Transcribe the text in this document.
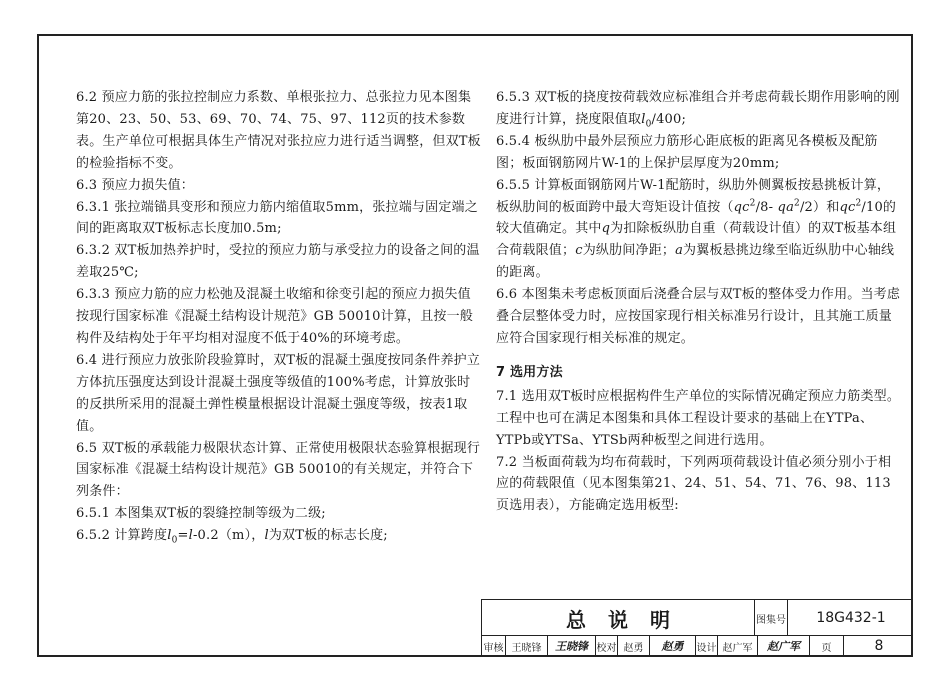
6.2 预应力筋的张拉控制应力系数、单根张拉力、总张拉力见本图集第20、23、50、53、69、70、74、75、97、112页的技术参数表。生产单位可根据具体生产情况对张拉应力进行适当调整，但双T板的检验指标不变。

6.3 预应力损失值：

6.3.1 张拉端锚具变形和预应力筋内缩值取5mm，张拉端与固定端之间的距离取双T板标志长度加0.5m;

6.3.2 双T板加热养护时，受拉的预应力筋与承受拉力的设备之间的温差取25℃;

6.3.3 预应力筋的应力松弛及混凝土收缩和徐变引起的预应力损失值按现行国家标准《混凝土结构设计规范》GB 50010计算，且按一般构件及结构处于年平均相对湿度不低于40%的环境考虑。

6.4 进行预应力放张阶段验算时，双T板的混凝土强度按同条件养护立方体抗压强度达到设计混凝土强度等级值的100%考虑，计算放张时的反拱所采用的混凝土弹性模量根据设计混凝土强度等级，按表1取值。

6.5 双T板的承载能力极限状态计算、正常使用极限状态验算根据现行国家标准《混凝土结构设计规范》GB 50010的有关规定，并符合下列条件：

6.5.1 本图集双T板的裂缝控制等级为二级;

6.5.2 计算跨度$l_0=l-0.2(m)$，l为双T板的标志长度;

6.5.3 双T板的挠度按荷载效应标准组合并考虑荷载长期作用影响的刚度进行计算，挠度限值取$l_0/400$;

6.5.4 板纵肋中最外层预应力筋形心距底板的距离见各模板及配筋图；板面钢筋网片W-1的上保护层厚度为20mm;

6.5.5 计算板面钢筋网片W-1配筋时，纵肋外侧翼板按悬挑板计算，板纵肋间的板面跨中最大弯矩设计值按（$qc^2/8-$ $qa^2/2$）和$qc^2/10$的较大值确定。其中q为扣除板纵肋自重（荷载设计值）的双T板基本组合荷载限值；c为纵肋间净距；a为翼板悬挑边缘至临近纵肋中心轴线的距离。

6.6 本图集未考虑板顶面后浇叠合层与双T板的整体受力作用。当考虑叠合层整体受力时，应按国家现行相关标准另行设计，且其施工质量应符合国家现行相关标准的规定。

7 选用方法

7.1 选用双T板时应根据构件生产单位的实际情况确定预应力筋类型。工程中也可在满足本图集和具体工程设计要求的基础上在YTPa、YTPb或YTSa、YTSb两种板型之间进行选用。

7.2 当板面荷载为均布荷载时，下列两项荷载设计值必须分别小于相应的荷载限值（见本图集第21、24、51、54、71、76、98、113页选用表），方能确定选用板型:

总说明	图集号	18G432-1
审核 王晓锋	王晓锋 校对 赵勇	赵勇	设计 赵广军	赵广军	页	8
